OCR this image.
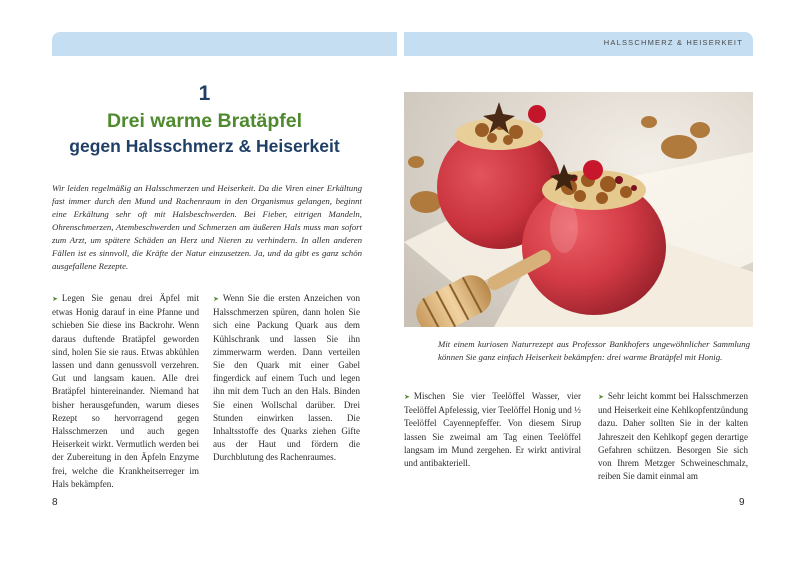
HALSSCHMERZ & HEISERKEIT
1
Drei warme Bratäpfel
gegen Halsschmerz & Heiserkeit

Wir leiden regelmäßig an Halsschmerzen und Heiserkeit. Da die Viren einer Erkältung fast immer durch den Mund und Rachenraum in den Organismus gelangen, beginnt eine Erkältung sehr oft mit Halsbeschwerden. Bei Fieber, eitrigen Mandeln, Ohrenschmerzen, Atembeschwerden und Schmerzen am äußeren Hals muss man sofort zum Arzt, um spätere Schäden an Herz und Nieren zu verhindern. In allen anderen Fällen ist es sinnvoll, die Kräfte der Natur einzusetzen. Ja, und da gibt es ganz schön ausgefallene Rezepte.

➤ Legen Sie genau drei Äpfel mit etwas Honig darauf in eine Pfanne und schieben Sie diese ins Backrohr. Wenn daraus duftende Bratäpfel geworden sind, holen Sie sie raus. Etwas abkühlen lassen und dann genussvoll verzehren. Gut und langsam kauen. Alle drei Bratäpfel hintereinander. Niemand hat bisher herausgefunden, warum dieses Rezept so hervorragend gegen Halsschmerzen und auch gegen Heiserkeit wirkt. Vermutlich werden bei der Zubereitung in den Äpfeln Enzyme frei, welche die Krankheitserreger im Hals bekämpfen.

➤ Wenn Sie die ersten Anzeichen von Halsschmerzen spüren, dann holen Sie sich eine Packung Quark aus dem Kühlschrank und lassen Sie ihn zimmerwarm werden. Dann verteilen Sie den Quark mit einer Gabel fingerdick auf einem Tuch und legen ihn mit dem Tuch an den Hals. Binden Sie einen Wollschal darüber. Drei Stunden einwirken lassen. Die Inhaltsstoffe des Quarks ziehen Gifte aus der Haut und fördern die Durchblutung des Rachenraumes.

Mit einem kuriosen Naturrezept aus Professor Bankhofers ungewöhnlicher Sammlung können Sie ganz einfach Heiserkeit bekämpfen: drei warme Bratäpfel mit Honig.

➤ Mischen Sie vier Teelöffel Wasser, vier Teelöffel Apfelessig, vier Teelöffel Honig und ½ Teelöffel Cayennepfeffer. Von diesem Sirup lassen Sie zweimal am Tag einen Teelöffel langsam im Mund zergehen. Er wirkt antiviral und antibakteriell.

➤ Sehr leicht kommt bei Halsschmerzen und Heiserkeit eine Kehlkopfentzündung dazu. Daher sollten Sie in der kalten Jahreszeit den Kehlkopf gegen derartige Gefahren schützen. Besorgen Sie sich von Ihrem Metzger Schweineschmalz, reiben Sie damit einmal am

8	9
